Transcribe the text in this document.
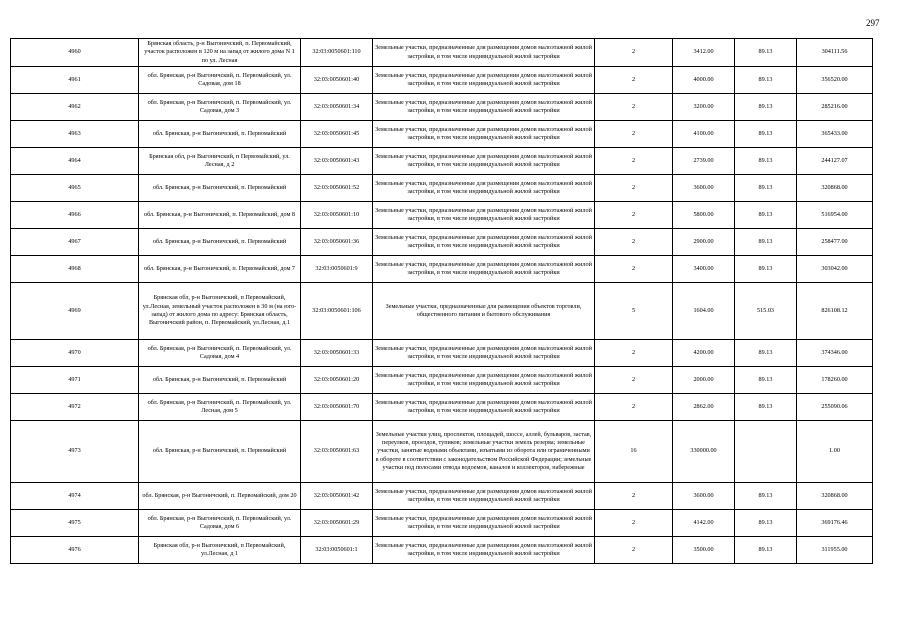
297
4960	Брянская область, р-н Выгоничский, п. Первомайский, участок расположен в 120 м на запад от жилого дома N 1 по ул. Лесная	32:03:0050601:110	Земельные участки, предназначенные для размещения домов малоэтажной жилой застройки, в том числе индивидуальной жилой застройки	2	3412.00	89.13	304111.56
4961	обл. Брянская, р-н Выгоничский, п. Первомайский, ул. Садовая, дом 18	32:03:0050601:40	Земельные участки, предназначенные для размещения домов малоэтажной жилой застройки, в том числе индивидуальной жилой застройки	2	4000.00	89.13	356520.00
4962	обл. Брянская, р-н Выгоничский, п. Первомайский, ул. Садовая, дом 3	32:03:0050601:34	Земельные участки, предназначенные для размещения домов малоэтажной жилой застройки, в том числе индивидуальной жилой застройки	2	3200.00	89.13	285216.00
4963	обл. Брянская, р-н Выгоничский, п. Первомайский	32:03:0050601:45	Земельные участки, предназначенные для размещения домов малоэтажной жилой застройки, в том числе индивидуальной жилой застройки	2	4100.00	89.13	365433.00
4964	Брянская обл, р-н Выгоничский, п Первомайский, ул. Лесная, д 2	32:03:0050601:43	Земельные участки, предназначенные для размещения домов малоэтажной жилой застройки, в том числе индивидуальной жилой застройки	2	2739.00	89.13	244127.07
4965	обл. Брянская, р-н Выгоничский, п. Первомайский	32:03:0050601:52	Земельные участки, предназначенные для размещения домов малоэтажной жилой застройки, в том числе индивидуальной жилой застройки	2	3600.00	89.13	320868.00
4966	обл. Брянская, р-н Выгоничский, п. Первомайский, дом 8	32:03:0050601:10	Земельные участки, предназначенные для размещения домов малоэтажной жилой застройки, в том числе индивидуальной жилой застройки	2	5800.00	89.13	516954.00
4967	обл. Брянская, р-н Выгоничский, п. Первомайский	32:03:0050601:36	Земельные участки, предназначенные для размещения домов малоэтажной жилой застройки, в том числе индивидуальной жилой застройки	2	2900.00	89.13	258477.00
4968	обл. Брянская, р-н Выгоничский, п. Первомайский, дом 7	32:03:0050601:9	Земельные участки, предназначенные для размещения домов малоэтажной жилой застройки, в том числе индивидуальной жилой застройки	2	3400.00	89.13	303042.00
4969	Брянская обл, р-н Выгоничский, п Первомайский, ул.Лесная, земельный участок расположен в 30 м (на юго-запад) от жилого дома по адресу: Брянская область, Выгоничский район, п. Первомайский, ул.Лесная, д.1	32:03:0050601:106	Земельные участки, предназначенные для размещения объектов торговли, общественного питания и бытового обслуживания	5	1604.00	515.03	826108.12
4970	обл. Брянская, р-н Выгоничский, п. Первомайский, ул. Садовая, дом 4	32:03:0050601:33	Земельные участки, предназначенные для размещения домов малоэтажной жилой застройки, в том числе индивидуальной жилой застройки	2	4200.00	89.13	374346.00
4971	обл. Брянская, р-н Выгоничский, п. Первомайский	32:03:0050601:20	Земельные участки, предназначенные для размещения домов малоэтажной жилой застройки, в том числе индивидуальной жилой застройки	2	2000.00	89.13	178260.00
4972	обл. Брянская, р-н Выгоничский, п. Первомайский, ул. Лесная, дом 5	32:03:0050601:70	Земельные участки, предназначенные для размещения домов малоэтажной жилой застройки, в том числе индивидуальной жилой застройки	2	2862.00	89.13	255090.06
4973	обл. Брянская, р-н Выгоничский, п. Первомайский	32:03:0050601:63	Земельные участки улиц, проспектов, площадей, шоссе, аллей, бульваров, застав, переулков, проездов, тупиков; земельные участки земель резерва; земельные участки, занятые водными объектами, изъятыми из оборота или ограниченными в обороте в соответствии с законодательством Российской Федерации; земельные участки под полосами отвода водоемов, каналов и коллекторов, набережные	16	330000.00		1.00
4974	обл. Брянская, р-н Выгоничский, п. Первомайский, дом 20	32:03:0050601:42	Земельные участки, предназначенные для размещения домов малоэтажной жилой застройки, в том числе индивидуальной жилой застройки	2	3600.00	89.13	320868.00
4975	обл. Брянская, р-н Выгоничский, п. Первомайский, ул. Садовая, дом 6	32:03:0050601:29	Земельные участки, предназначенные для размещения домов малоэтажной жилой застройки, в том числе индивидуальной жилой застройки	2	4142.00	89.13	369176.46
4976	Брянская обл, р-н Выгоничский, п Первомайский, ул.Лесная, д 1	32:03:0050601:1	Земельные участки, предназначенные для размещения домов малоэтажной жилой застройки, в том числе индивидуальной жилой застройки	2	3500.00	89.13	311955.00
